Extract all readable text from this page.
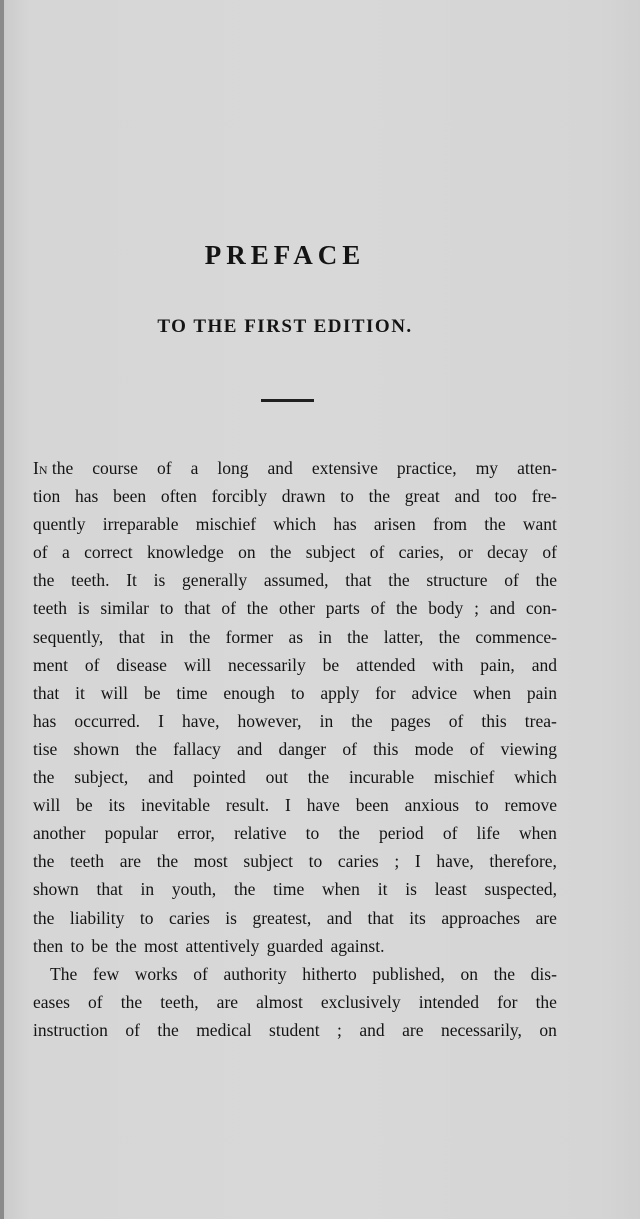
PREFACE
TO THE FIRST EDITION.
In
the course of a long and extensive practice, my atten-
tion has been often forcibly drawn to the great and too fre-
quently irreparable mischief which has arisen from the want
of a correct knowledge on the subject of caries, or decay of
the teeth. It is generally assumed, that the structure of the
teeth is similar to that of the other parts of the body ; and con-
sequently, that in the former as in the latter, the commence-
ment of disease will necessarily be attended with pain, and
that it will be time enough to apply for advice when pain
has occurred. I have, however, in the pages of this trea-
tise shown the fallacy and danger of this mode of viewing
the subject, and pointed out the incurable mischief which
will be its inevitable result. I have been anxious to remove
another popular error, relative to the period of life when
the teeth are the most subject to caries ; I have, therefore,
shown that in youth, the time when it is least suspected,
the liability to caries is greatest, and that its approaches are
then to be the most attentively guarded against.
The few works of authority hitherto published, on the dis-
eases of the teeth, are almost exclusively intended for the
instruction of the medical student ; and are necessarily, on
